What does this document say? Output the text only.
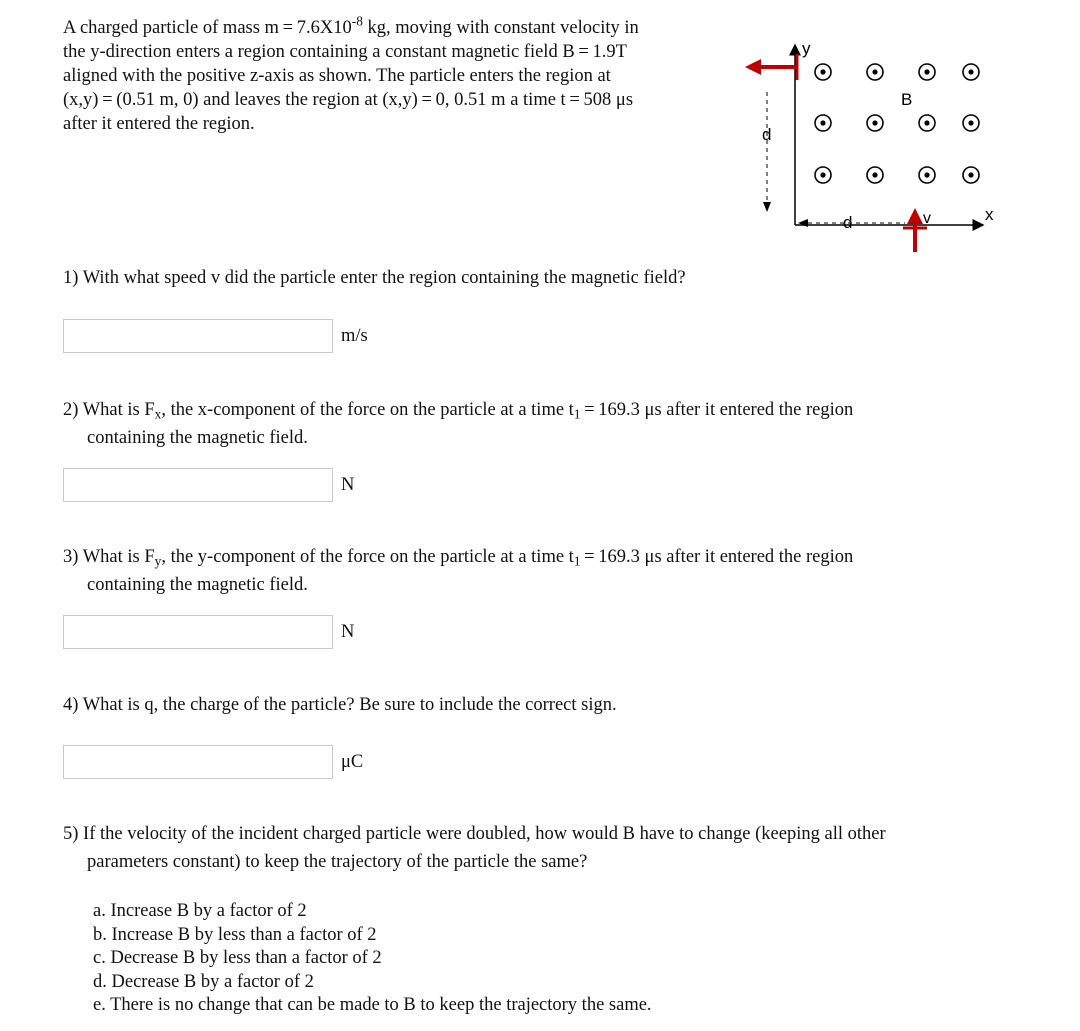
A charged particle of mass $m = 7.6X10^{-8}$ kg, moving with constant velocity in
the y-direction enters a region containing a constant magnetic field B = 1.9T
aligned with the positive z-axis as shown. The particle enters the region at
(x,y) = (0.51 m, 0) and leaves the region at (x,y) = 0, 0.51 m a time t = 508 μs
after it entered the region.
y
x
d
d	v
B
1) With what speed v did the particle enter the region containing the magnetic field?
m/s
2) What is $F_x$, the x-component of the force on the particle at a time $t_1 = 169.3$ μs after it entered the region
containing the magnetic field.
N
3) What is $F_y$, the y-component of the force on the particle at a time $t_1 = 169.3$ μs after it entered the region
containing the magnetic field.
N
4) What is q, the charge of the particle? Be sure to include the correct sign.
μC
5) If the velocity of the incident charged particle were doubled, how would B have to change (keeping all other
parameters constant) to keep the trajectory of the particle the same?
a. Increase B by a factor of 2
b. Increase B by less than a factor of 2
c. Decrease B by less than a factor of 2
d. Decrease B by a factor of 2
e. There is no change that can be made to B to keep the trajectory the same.
